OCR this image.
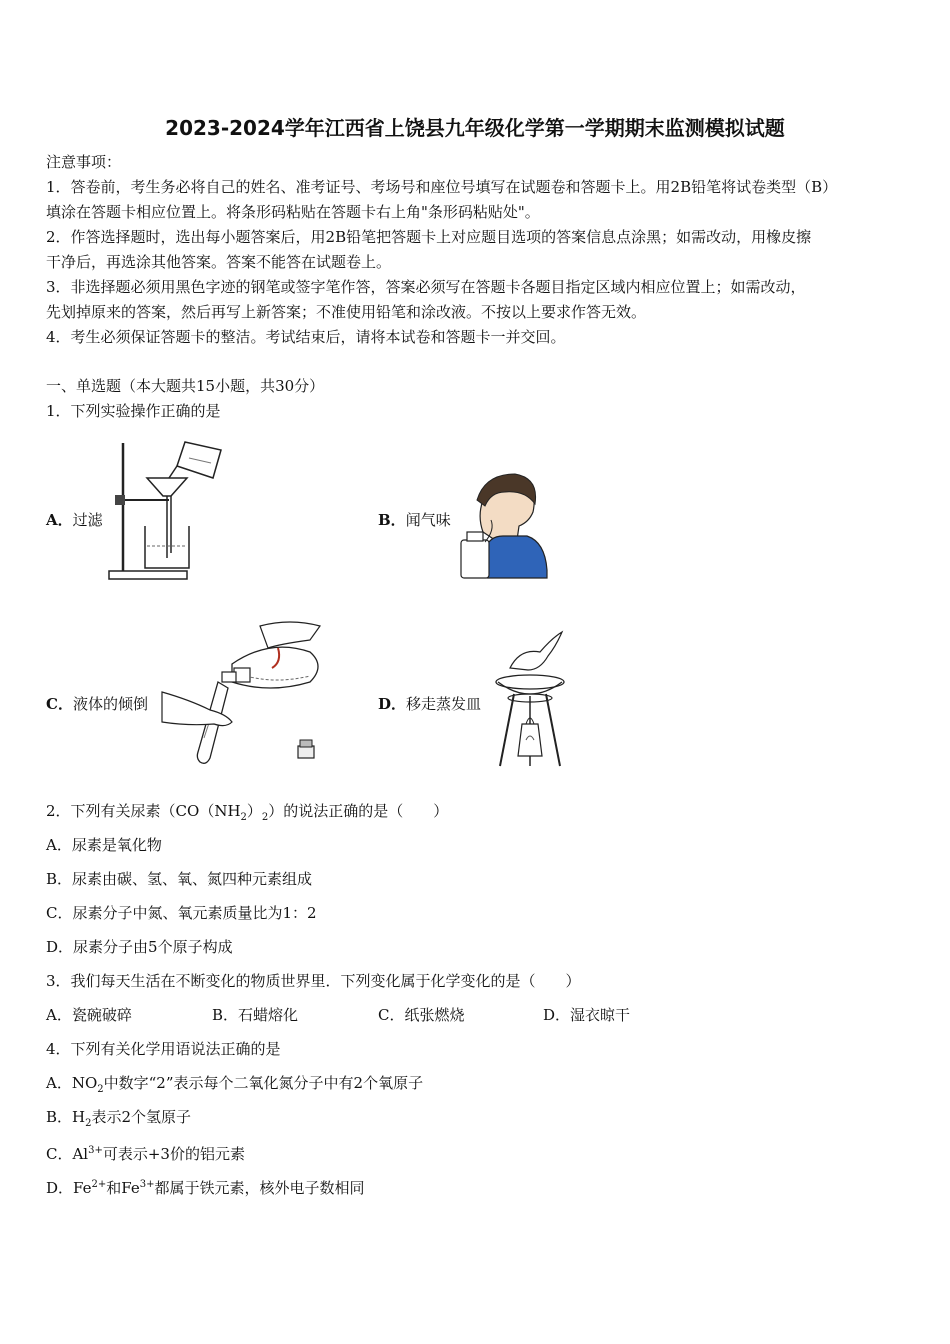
2023-2024学年江西省上饶县九年级化学第一学期期末监测模拟试题
注意事项：
1．答卷前，考生务必将自己的姓名、准考证号、考场号和座位号填写在试题卷和答题卡上。用2B铅笔将试卷类型（B）
填涂在答题卡相应位置上。将条形码粘贴在答题卡右上角"条形码粘贴处"。
2．作答选择题时，选出每小题答案后，用2B铅笔把答题卡上对应题目选项的答案信息点涂黑；如需改动，用橡皮擦
干净后，再选涂其他答案。答案不能答在试题卷上。
3．非选择题必须用黑色字迹的钢笔或签字笔作答，答案必须写在答题卡各题目指定区域内相应位置上；如需改动，
先划掉原来的答案，然后再写上新答案；不准使用铅笔和涂改液。不按以上要求作答无效。
4．考生必须保证答题卡的整洁。考试结束后，请将本试卷和答题卡一并交回。
一、单选题（本大题共15小题，共30分）
1．下列实验操作正确的是
A．过滤	B．闻气味
C．液体的倾倒	D．移走蒸发皿
2．下列有关尿素$(CO(NH_2)_2)$的说法正确的是（　　）
A．尿素是氧化物
B．尿素由碳、氢、氧、氮四种元素组成
C．尿素分子中氮、氧元素质量比为1：2
D．尿素分子由5个原子构成
3．我们每天生活在不断变化的物质世界里．下列变化属于化学变化的是（　　）
A．瓷碗破碎	B．石蜡熔化	C．纸张燃烧	D．湿衣晾干
4．下列有关化学用语说法正确的是
A．$NO_2$中数字“2”表示每个二氧化氮分子中有2个氧原子
B．$H_2$表示2个氢原子
C．$Al^{3+}$可表示+3价的铝元素
D．$Fe^{2+}$和$Fe^{3+}$都属于铁元素，核外电子数相同
